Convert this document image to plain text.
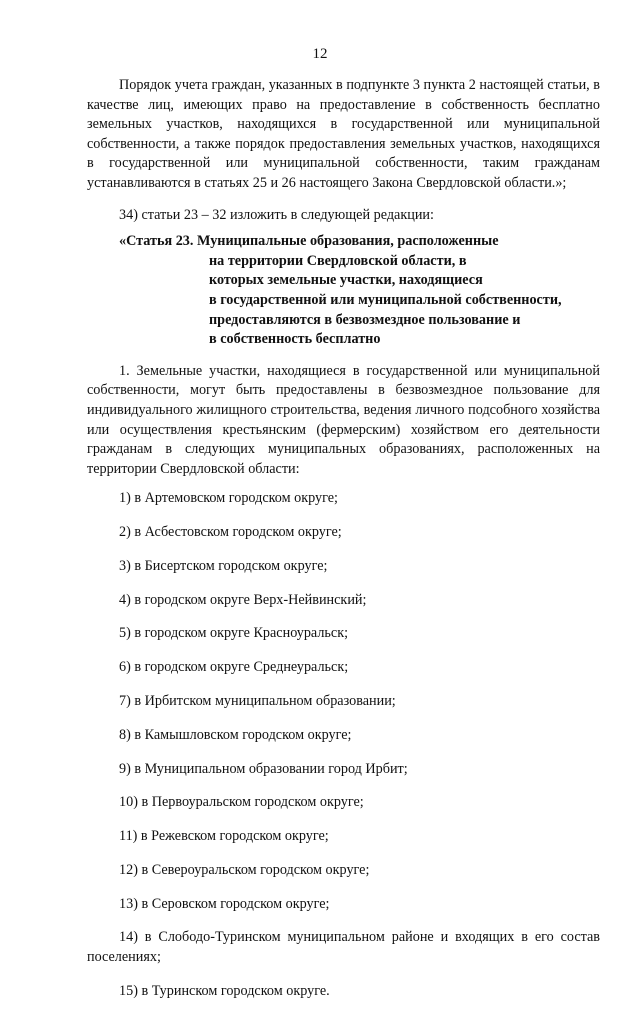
12

Порядок учета граждан, указанных в подпункте 3 пункта 2 настоящей статьи, в качестве лиц, имеющих право на предоставление в собственность бесплатно земельных участков, находящихся в государственной или муниципальной собственности, а также порядок предоставления земельных участков, находящихся в государственной или муниципальной собственности, таким гражданам устанавливаются в статьях 25 и 26 настоящего Закона Свердловской области.»;

34) статьи 23 – 32 изложить в следующей редакции:

«Статья 23. Муниципальные образования, расположенные
на территории Свердловской области, в
которых земельные участки, находящиеся
в государственной или муниципальной собственности,
предоставляются в безвозмездное пользование и
в собственность бесплатно

1. Земельные участки, находящиеся в государственной или муниципальной собственности, могут быть предоставлены в безвозмездное пользование для индивидуального жилищного строительства, ведения личного подсобного хозяйства или осуществления крестьянским (фермерским) хозяйством его деятельности гражданам в следующих муниципальных образованиях, расположенных на территории Свердловской области:

1) в Артемовском городском округе;

2) в Асбестовском городском округе;

3) в Бисертском городском округе;

4) в городском округе Верх-Нейвинский;

5) в городском округе Красноуральск;

6) в городском округе Среднеуральск;

7) в Ирбитском муниципальном образовании;

8) в Камышловском городском округе;

9) в Муниципальном образовании город Ирбит;

10) в Первоуральском городском округе;

11) в Режевском городском округе;

12) в Североуральском городском округе;

13) в Серовском городском округе;

14) в Слободо-Туринском муниципальном районе и входящих в его состав поселениях;

15) в Туринском городском округе.
